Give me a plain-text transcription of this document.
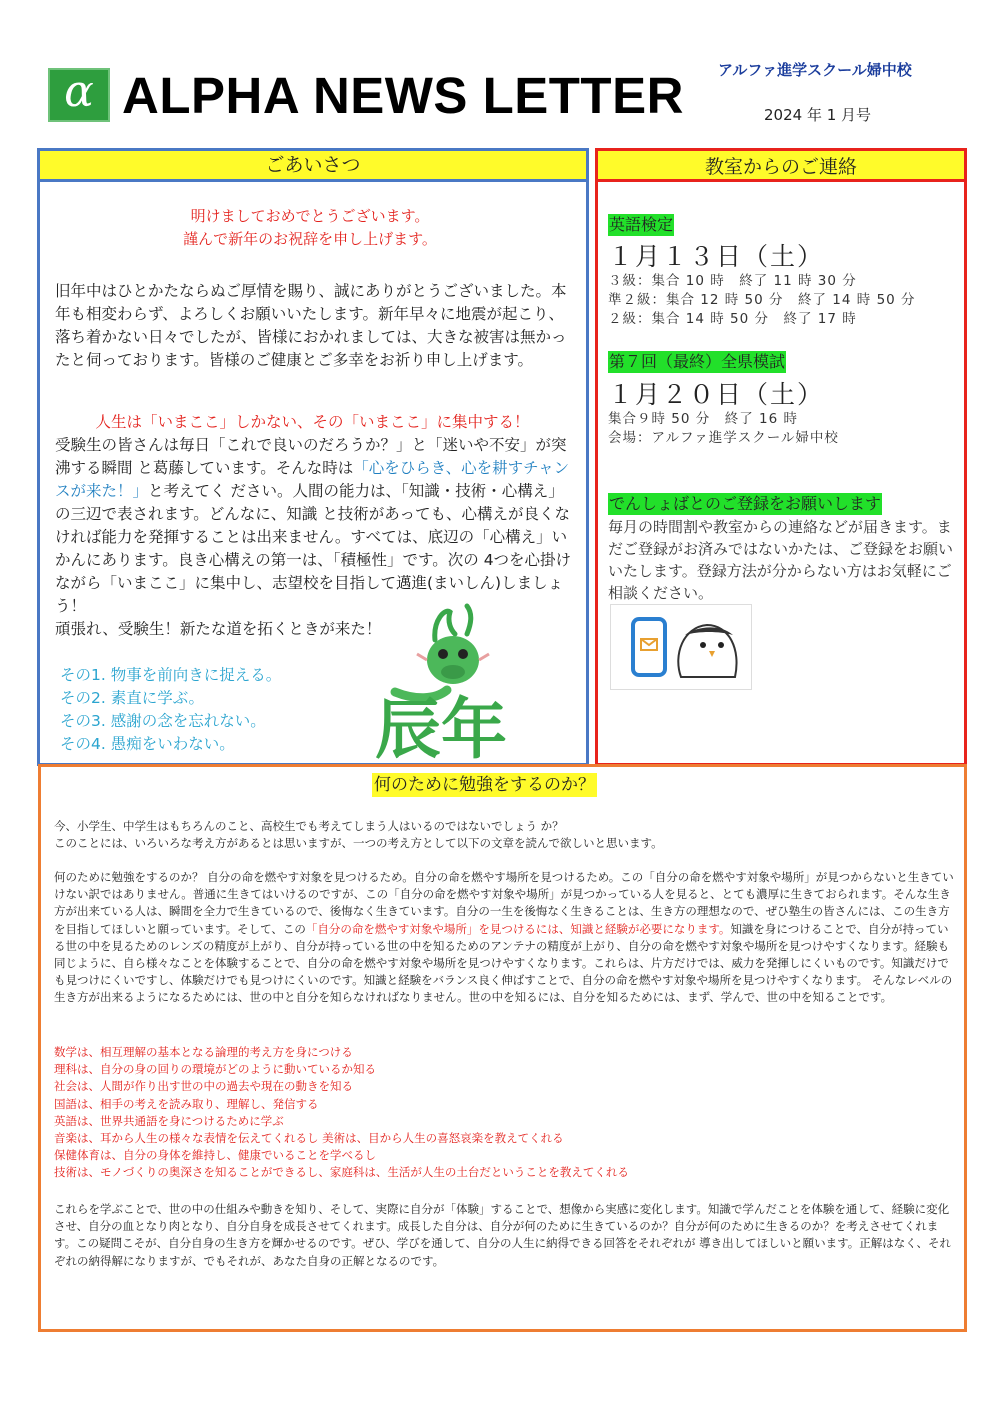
α ALPHA NEWS LETTER アルファ進学スクール婦中校
2024 年 1 月号
ごあいさつ
明けましておめでとうございます。
謹んで新年のお祝辞を申し上げます。
旧年中はひとかたならぬご厚情を賜り、誠にありがとうございました。本年も相変わらず、よろしくお願いいたします。新年早々に地震が起こり、落ち着かない日々でしたが、皆様におかれましては、大きな被害は無かったと伺っております。皆様のご健康とご多幸をお祈り申し上げます。
人生は「いまここ」しかない、その「いまここ」に集中する！
受験生の皆さんは毎日「これで良いのだろうか？」と「迷いや不安」が突沸する瞬間 と葛藤しています。そんな時は「心をひらき、心を耕すチャンスが来た！」と考えてく ださい。人間の能力は、「知識・技術・心構え」の三辺で表されます。どんなに、知識 と技術があっても、心構えが良くなければ能力を発揮することは出来ません。すべては、底辺の「心構え」いかんにあります。良き心構えの第一は、「積極性」です。次の 4つを心掛けながら「いまここ」に集中し、志望校を目指して邁進(まいしん)しましょう！
頑張れ、受験生！新たな道を拓くときが来た！
その1. 物事を前向きに捉える。
その2. 素直に学ぶ。
その3. 感謝の念を忘れない。
その4. 愚痴をいわない。	辰年
教室からのご連絡
英語検定
１月１３日（土）
３級：集合 10 時　終了 11 時 30 分
準２級：集合 12 時 50 分　終了 14 時 50 分
２級：集合 14 時 50 分　終了 17 時
第７回（最終）全県模試
１月２０日（土）
集合９時 50 分　終了 16 時
会場：アルファ進学スクール婦中校
でんしょばとのご登録をお願いします
毎月の時間割や教室からの連絡などが届きます。まだご登録がお済みではないかたは、ご登録をお願いいたします。登録方法が分からない方はお気軽にご相談ください。
何のために勉強をするのか？
今、小学生、中学生はもちろんのこと、高校生でも考えてしまう人はいるのではないでしょう か？
このことには、いろいろな考え方があるとは思いますが、一つの考え方として以下の文章を読んで欲しいと思います。
何のために勉強をするのか？ 自分の命を燃やす対象を見つけるため。自分の命を燃やす場所を見つけるため。この「自分の命を燃やす対象や場所」が見つからないと生きていけない訳ではありません。普通に生きてはいけるのですが、この「自分の命を燃やす対象や場所」が見つかっている人を見ると、とても濃厚に生きておられます。そんな生き方が出来ている人は、瞬間を全力で生きているので、後悔なく生きています。自分の一生を後悔なく生きることは、生き方の理想なので、ぜひ塾生の皆さんには、この生き方を目指してほしいと願っています。そして、この「自分の命を燃やす対象や場所」を見つけるには、知識と経験が必要になります。知識を身につけることで、自分が持っている世の中を見るためのレンズの精度が上がり、自分が持っている世の中を知るためのアンテナの精度が上がり、自分の命を燃やす対象や場所を見つけやすくなります。経験も同じように、自ら様々なことを体験することで、自分の命を燃やす対象や場所を見つけやすくなります。これらは、片方だけでは、威力を発揮しにくいものです。知識だけでも見つけにくいですし、体験だけでも見つけにくいのです。知識と経験をバランス良く伸ばすことで、自分の命を燃やす対象や場所を見つけやすくなります。 そんなレベルの生き方が出来るようになるためには、世の中と自分を知らなければなりません。世の中を知るには、自分を知るためには、まず、学んで、世の中を知ることです。
数学は、相互理解の基本となる論理的考え方を身につける
理科は、自分の身の回りの環境がどのように動いているか知る
社会は、人間が作り出す世の中の過去や現在の動きを知る
国語は、相手の考えを読み取り、理解し、発信する
英語は、世界共通語を身につけるために学ぶ
音楽は、耳から人生の様々な表情を伝えてくれるし 美術は、目から人生の喜怒哀楽を教えてくれる
保健体育は、自分の身体を維持し、健康でいることを学べるし
技術は、モノづくりの奥深さを知ることができるし、家庭科は、生活が人生の土台だということを教えてくれる
これらを学ぶことで、世の中の仕組みや動きを知り、そして、実際に自分が「体験」することで、想像から実感に変化します。知識で学んだことを体験を通して、経験に変化させ、自分の血となり肉となり、自分自身を成長させてくれます。成長した自分は、自分が何のために生きているのか？自分が何のために生きるのか？を考えさせてくれます。この疑問こそが、自分自身の生き方を輝かせるのです。ぜひ、学びを通して、自分の人生に納得できる回答をそれぞれが 導き出してほしいと願います。正解はなく、それぞれの納得解になりますが、でもそれが、あなた自身の正解となるのです。
